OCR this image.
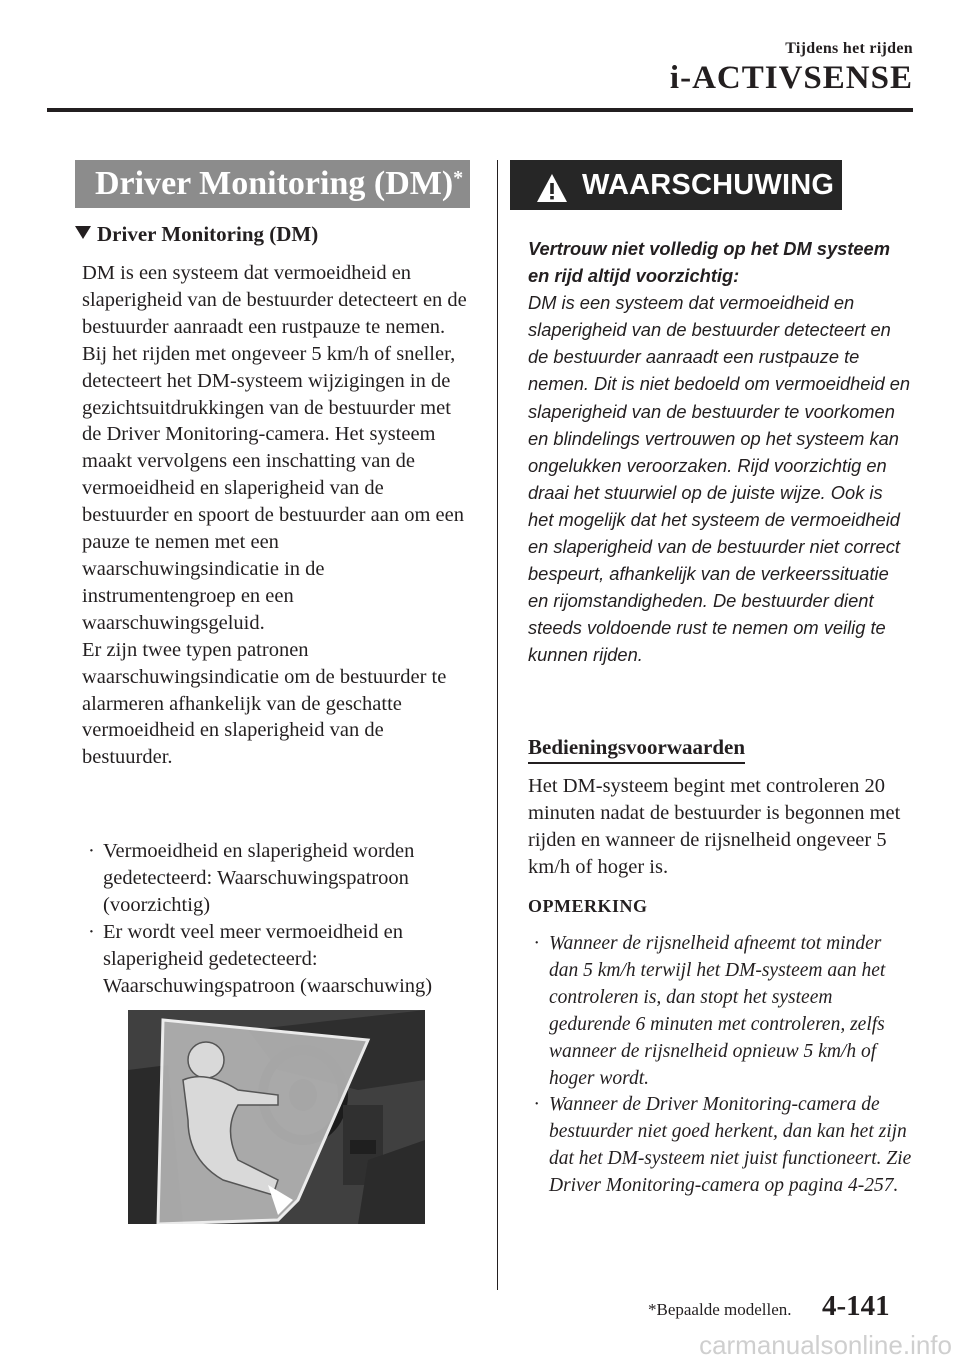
Tijdens het rijden
i-ACTIVSENSE
Driver Monitoring (DM)*
Driver Monitoring (DM)

DM is een systeem dat vermoeidheid en slaperigheid van de bestuurder detecteert en de bestuurder aanraadt een rustpauze te nemen.

Bij het rijden met ongeveer 5 km/h of sneller, detecteert het DM-systeem wijzigingen in de gezichtsuitdrukkingen van de bestuurder met de Driver Monitoring-camera. Het systeem maakt vervolgens een inschatting van de vermoeidheid en slaperigheid van de bestuurder en spoort de bestuurder aan om een pauze te nemen met een waarschuwingsindicatie in de instrumentengroep en een waarschuwingsgeluid.

Er zijn twee typen patronen waarschuwingsindicatie om de bestuurder te alarmeren afhankelijk van de geschatte vermoeidheid en slaperigheid van de bestuurder.

· Vermoeidheid en slaperigheid worden gedetecteerd: Waarschuwingspatroon (voorzichtig)
· Er wordt veel meer vermoeidheid en slaperigheid gedetecteerd: Waarschuwingspatroon (waarschuwing)
WAARSCHUWING

Vertrouw niet volledig op het DM systeem en rijd altijd voorzichtig:

DM is een systeem dat vermoeidheid en slaperigheid van de bestuurder detecteert en de bestuurder aanraadt een rustpauze te nemen. Dit is niet bedoeld om vermoeidheid en slaperigheid van de bestuurder te voorkomen en blindelings vertrouwen op het systeem kan ongelukken veroorzaken. Rijd voorzichtig en draai het stuurwiel op de juiste wijze. Ook is het mogelijk dat het systeem de vermoeidheid en slaperigheid van de bestuurder niet correct bespeurt, afhankelijk van de verkeerssituatie en rijomstandigheden. De bestuurder dient steeds voldoende rust te nemen om veilig te kunnen rijden.

Bedieningsvoorwaarden
Het DM-systeem begint met controleren 20 minuten nadat de bestuurder is begonnen met rijden en wanneer de rijsnelheid ongeveer 5 km/h of hoger is.
OPMERKING
· Wanneer de rijsnelheid afneemt tot minder dan 5 km/h terwijl het DM-systeem aan het controleren is, dan stopt het systeem gedurende 6 minuten met controleren, zelfs wanneer de rijsnelheid opnieuw 5 km/h of hoger wordt.
· Wanneer de Driver Monitoring-camera de bestuurder niet goed herkent, dan kan het zijn dat het DM-systeem niet juist functioneert. Zie Driver Monitoring-camera op pagina 4-257.
*Bepaalde modellen. 4-141
carmanualsonline.info
